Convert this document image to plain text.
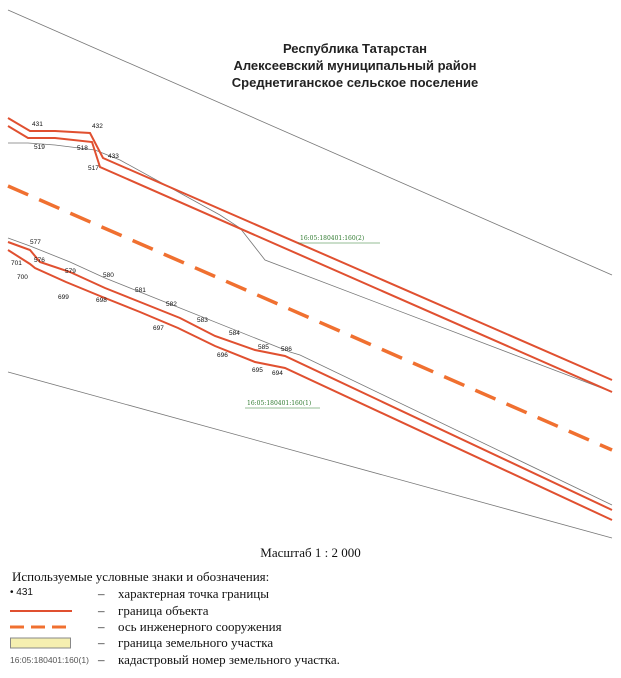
431	432
519	518
517
433
577
701 576
700
579
580
699	698
581
582
697
583
584
696
585 586
695 694
16:05:180401:160(2)
16:05:180401:160(1)
Республика Татарстан
Алексеевский муниципальный район
Среднетиганское сельское поселение
Масштаб 1 : 2 000
Используемые условные знаки и обозначения:
• 431	– характерная точка границы
– граница объекта
– ось инженерного сооружения
– граница земельного участка
16:05:180401:160(1) – кадастровый номер земельного участка.
